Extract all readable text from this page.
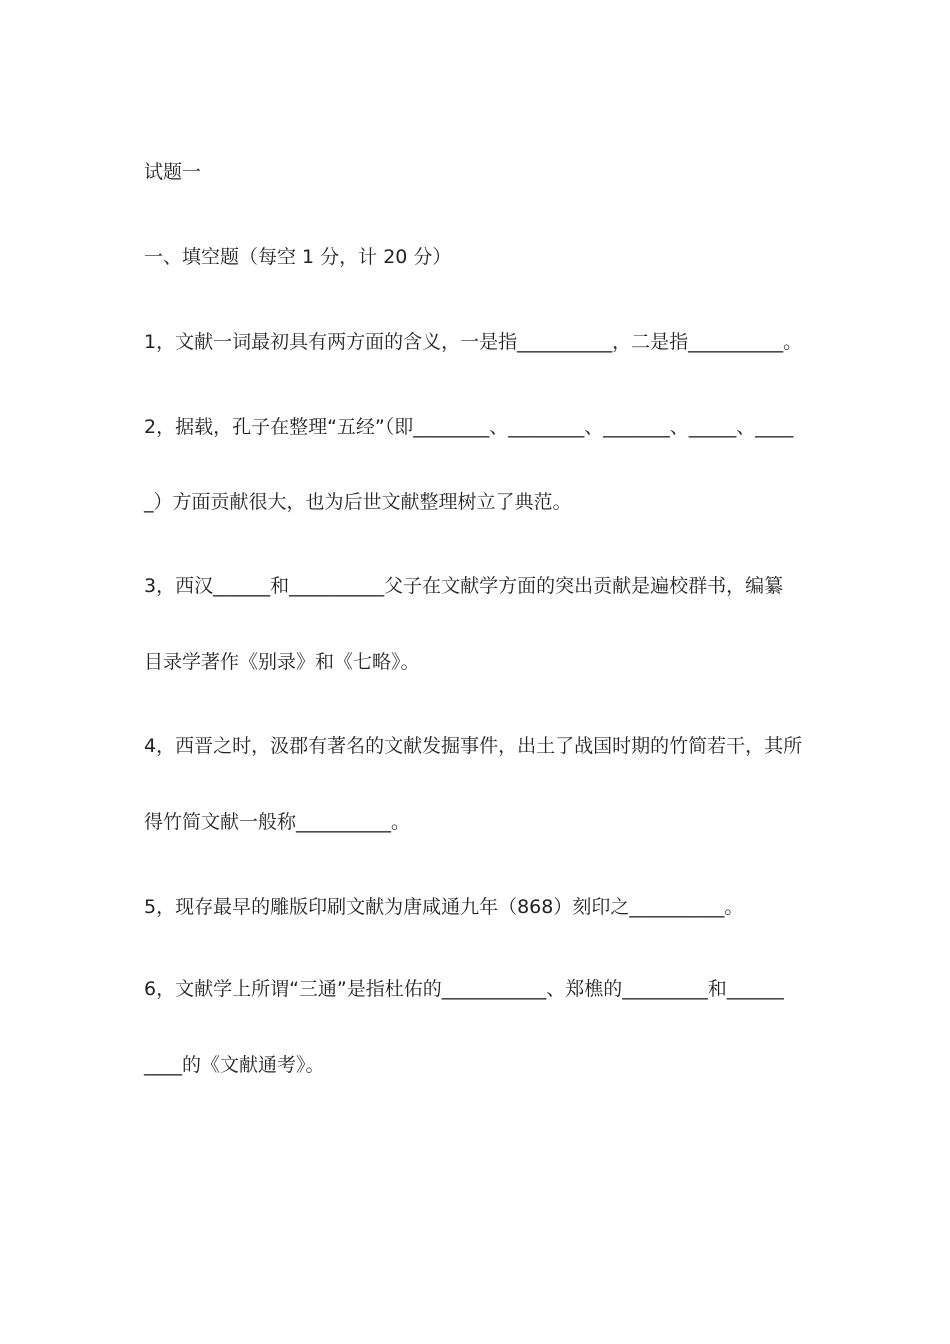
试题一
一、填空题（每空 1 分，计 20 分）
1，文献一词最初具有两方面的含义，一是指__________，二是指__________。
2，据载，孔子在整理“五经”（即________、________、_______、_____、____
_）方面贡献很大，也为后世文献整理树立了典范。
3，西汉______和__________父子在文献学方面的突出贡献是遍校群书，编纂
目录学著作《别录》和《七略》。
4，西晋之时，汲郡有著名的文献发掘事件，出土了战国时期的竹简若干，其所
得竹简文献一般称__________。
5，现存最早的雕版印刷文献为唐咸通九年（868）刻印之__________。
6，文献学上所谓“三通”是指杜佑的___________、郑樵的_________和______
____的《文献通考》。
